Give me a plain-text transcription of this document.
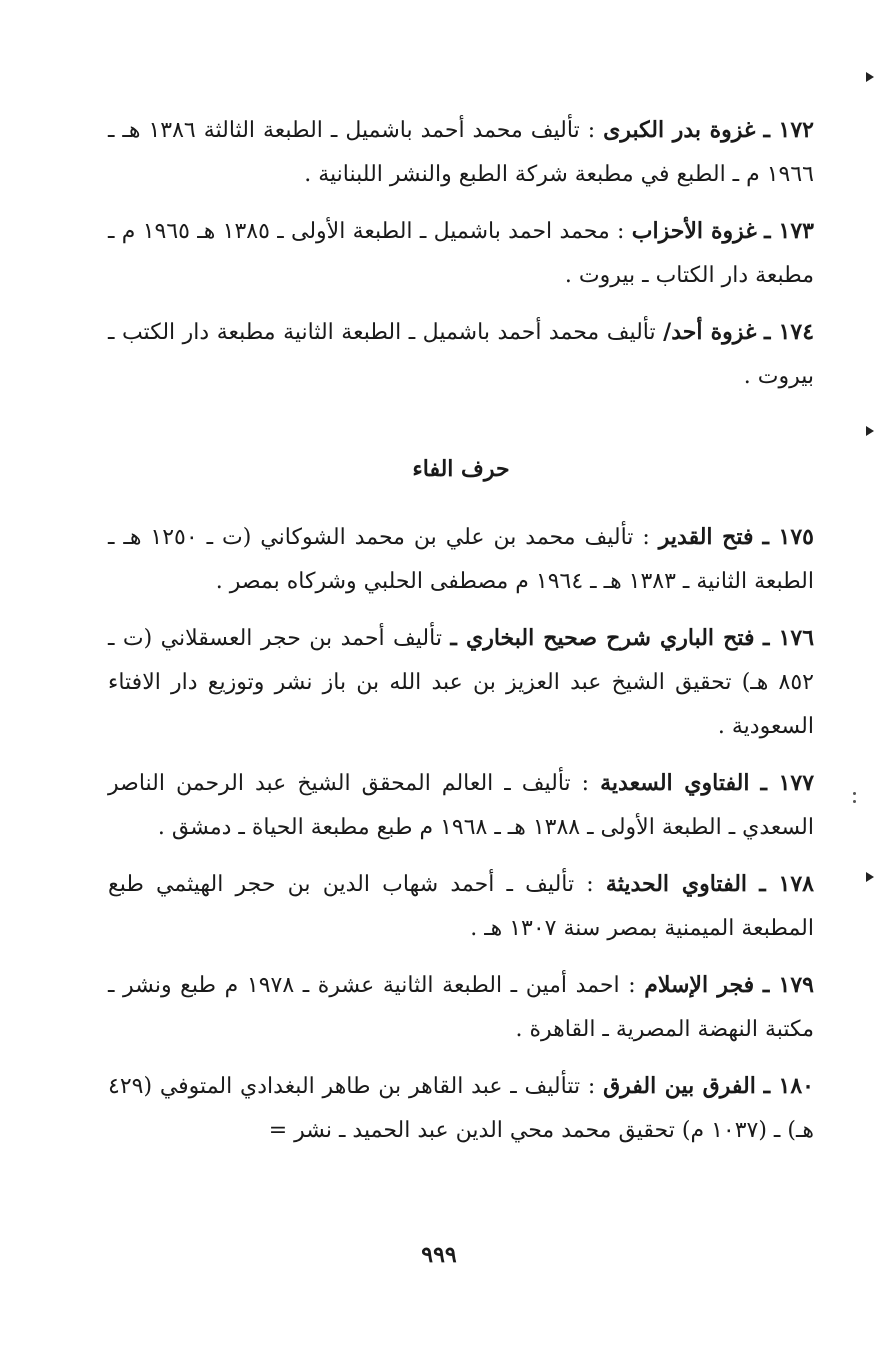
١٧٢ ـ غزوة بدر الكبرى : تأليف محمد أحمد باشميل ـ الطبعة الثالثة ١٣٨٦ هـ ـ ١٩٦٦ م ـ الطبع في مطبعة شركة الطبع والنشر اللبنانية .
١٧٣ ـ غزوة الأحزاب : محمد احمد باشميل ـ الطبعة الأولى ـ ١٣٨٥ هـ ١٩٦٥ م ـ مطبعة دار الكتاب ـ بيروت .
١٧٤ ـ غزوة أحد/ تأليف محمد أحمد باشميل ـ الطبعة الثانية مطبعة دار الكتب ـ بيروت .
حرف الفاء
١٧٥ ـ فتح القدير : تأليف محمد بن علي بن محمد الشوكاني (ت ـ ١٢٥٠ هـ ـ الطبعة الثانية ـ ١٣٨٣ هـ ـ ١٩٦٤ م مصطفى الحلبي وشركاه بمصر .
١٧٦ ـ فتح الباري شرح صحيح البخاري ـ تأليف أحمد بن حجر العسقلاني (ت ـ ٨٥٢ هـ) تحقيق الشيخ عبد العزيز بن عبد الله بن باز نشر وتوزيع دار الافتاء السعودية .
١٧٧ ـ الفتاوي السعدية : تأليف ـ العالم المحقق الشيخ عبد الرحمن الناصر السعدي ـ الطبعة الأولى ـ ١٣٨٨ هـ ـ ١٩٦٨ م طبع مطبعة الحياة ـ دمشق .
١٧٨ ـ الفتاوي الحديثة : تأليف ـ أحمد شهاب الدين بن حجر الهيثمي طبع المطبعة الميمنية بمصر سنة ١٣٠٧ هـ .
١٧٩ ـ فجر الإسلام : احمد أمين ـ الطبعة الثانية عشرة ـ ١٩٧٨ م طبع ونشر ـ مكتبة النهضة المصرية ـ القاهرة .
١٨٠ ـ الفرق بين الفرق : تتأليف ـ عبد القاهر بن طاهر البغدادي المتوفي (٤٢٩ هـ) ـ (١٠٣٧ م) تحقيق محمد محي الدين عبد الحميد ـ نشر =
٩٩٩
